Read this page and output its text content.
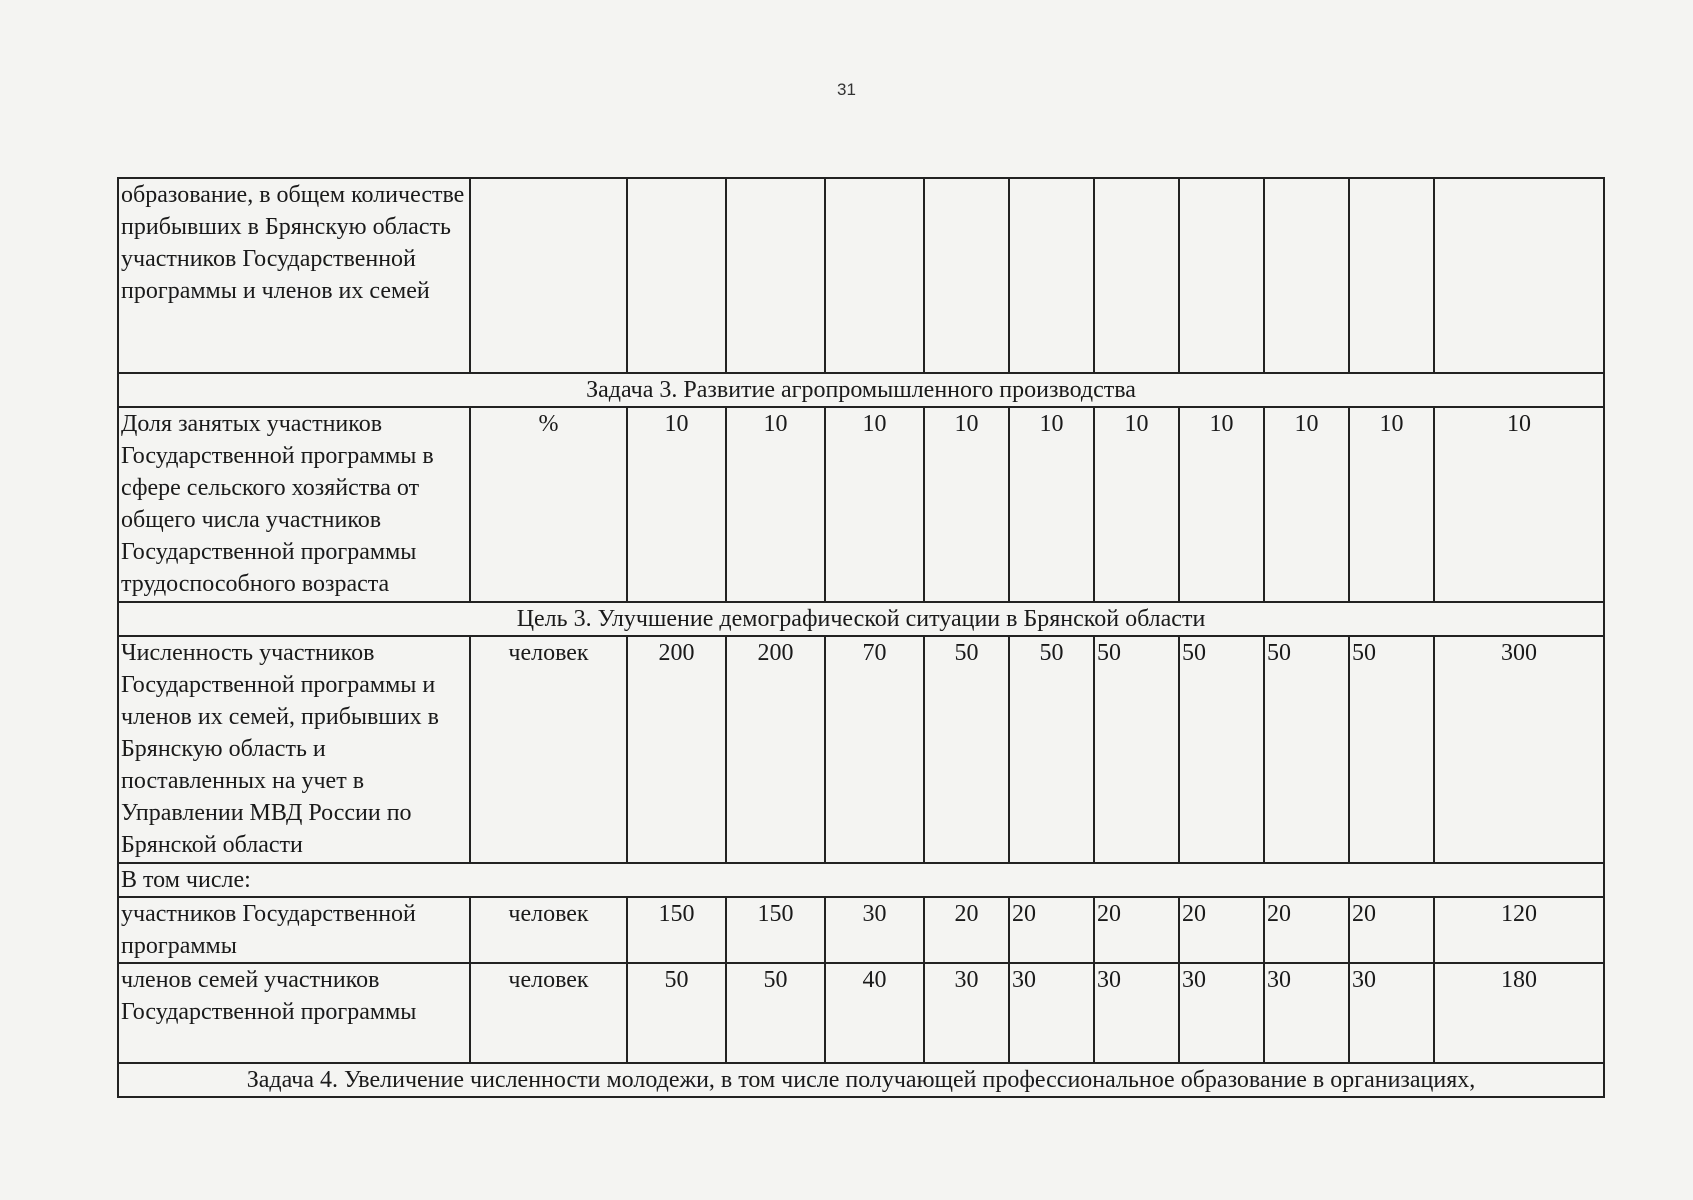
31
образование, в общем количестве прибывших в Брянскую область участников Государственной программы и членов их семей											
Задача 3. Развитие агропромышленного производства											
Доля занятых участников Государственной программы в сфере сельского хозяйства от общего числа участников Государственной программы трудоспособного возраста	%	10	10	10	10	10	10	10	10	10	10
Цель 3. Улучшение демографической ситуации в Брянской области											
Численность участников Государственной программы и членов их семей, прибывших в Брянскую область и поставленных на учет в Управлении МВД России по Брянской области	человек	200	200	70	50	50	50	50	50	50	300
В том числе:											
участников Государственной программы	человек	150	150	30	20	20	20	20	20	20	120
членов семей участников Государственной программы	человек	50	50	40	30	30	30	30	30	30	180
Задача 4. Увеличение численности молодежи, в том числе получающей профессиональное образование в организациях,											
